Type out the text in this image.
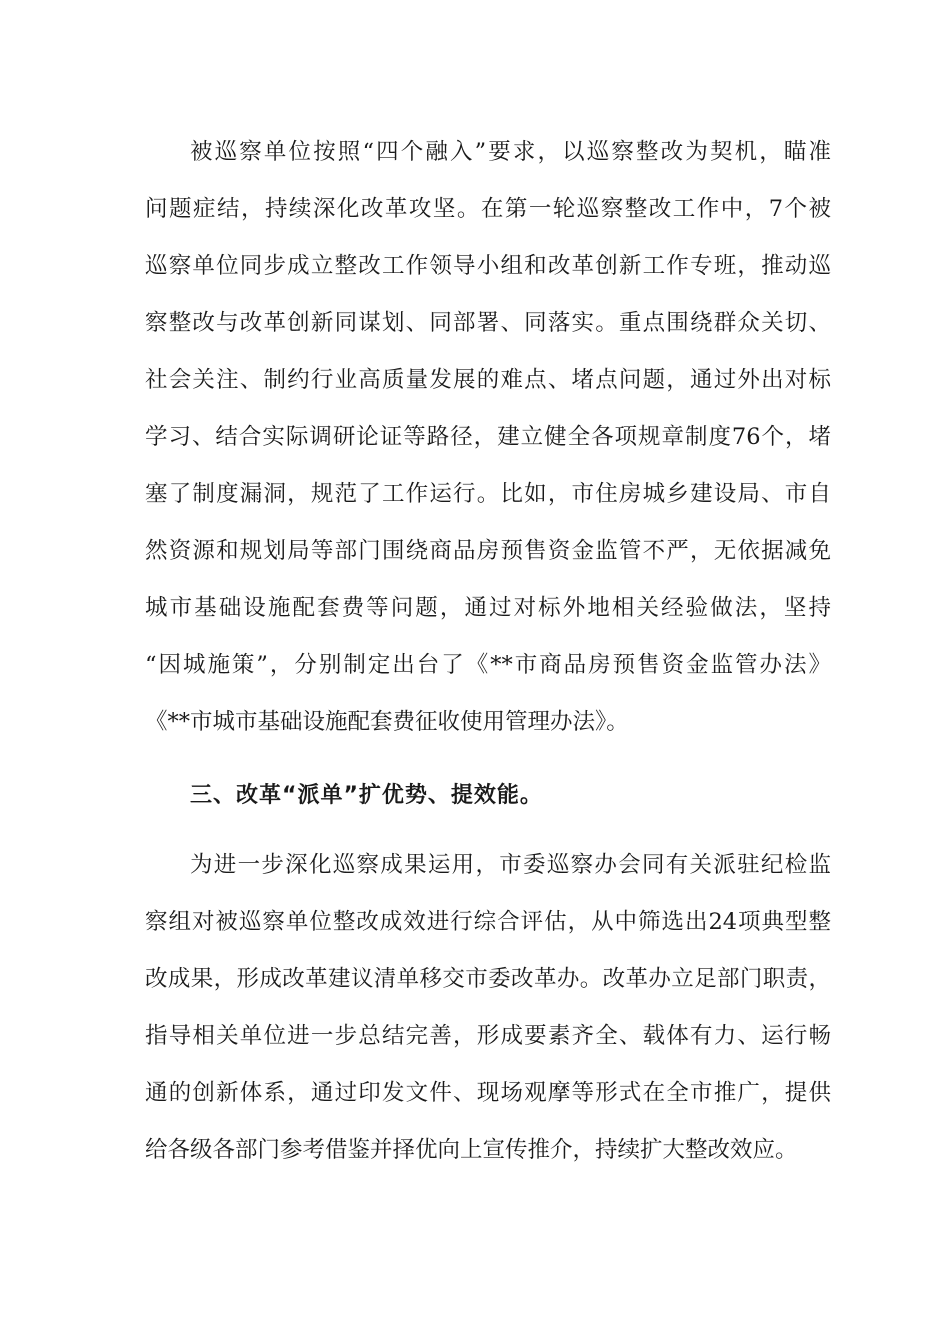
被巡察单位按照“四个融入”要求，以巡察整改为契机，瞄准
问题症结，持续深化改革攻坚。在第一轮巡察整改工作中，7个被
巡察单位同步成立整改工作领导小组和改革创新工作专班，推动巡
察整改与改革创新同谋划、同部署、同落实。重点围绕群众关切、
社会关注、制约行业高质量发展的难点、堵点问题，通过外出对标
学习、结合实际调研论证等路径，建立健全各项规章制度76个，堵
塞了制度漏洞，规范了工作运行。比如，市住房城乡建设局、市自
然资源和规划局等部门围绕商品房预售资金监管不严，无依据减免
城市基础设施配套费等问题，通过对标外地相关经验做法，坚持
“因城施策”，分别制定出台了《**市商品房预售资金监管办法》
《**市城市基础设施配套费征收使用管理办法》。
三、改革“派单”扩优势、提效能。
为进一步深化巡察成果运用，市委巡察办会同有关派驻纪检监
察组对被巡察单位整改成效进行综合评估，从中筛选出24项典型整
改成果，形成改革建议清单移交市委改革办。改革办立足部门职责，
指导相关单位进一步总结完善，形成要素齐全、载体有力、运行畅
通的创新体系，通过印发文件、现场观摩等形式在全市推广，提供
给各级各部门参考借鉴并择优向上宣传推介，持续扩大整改效应。
